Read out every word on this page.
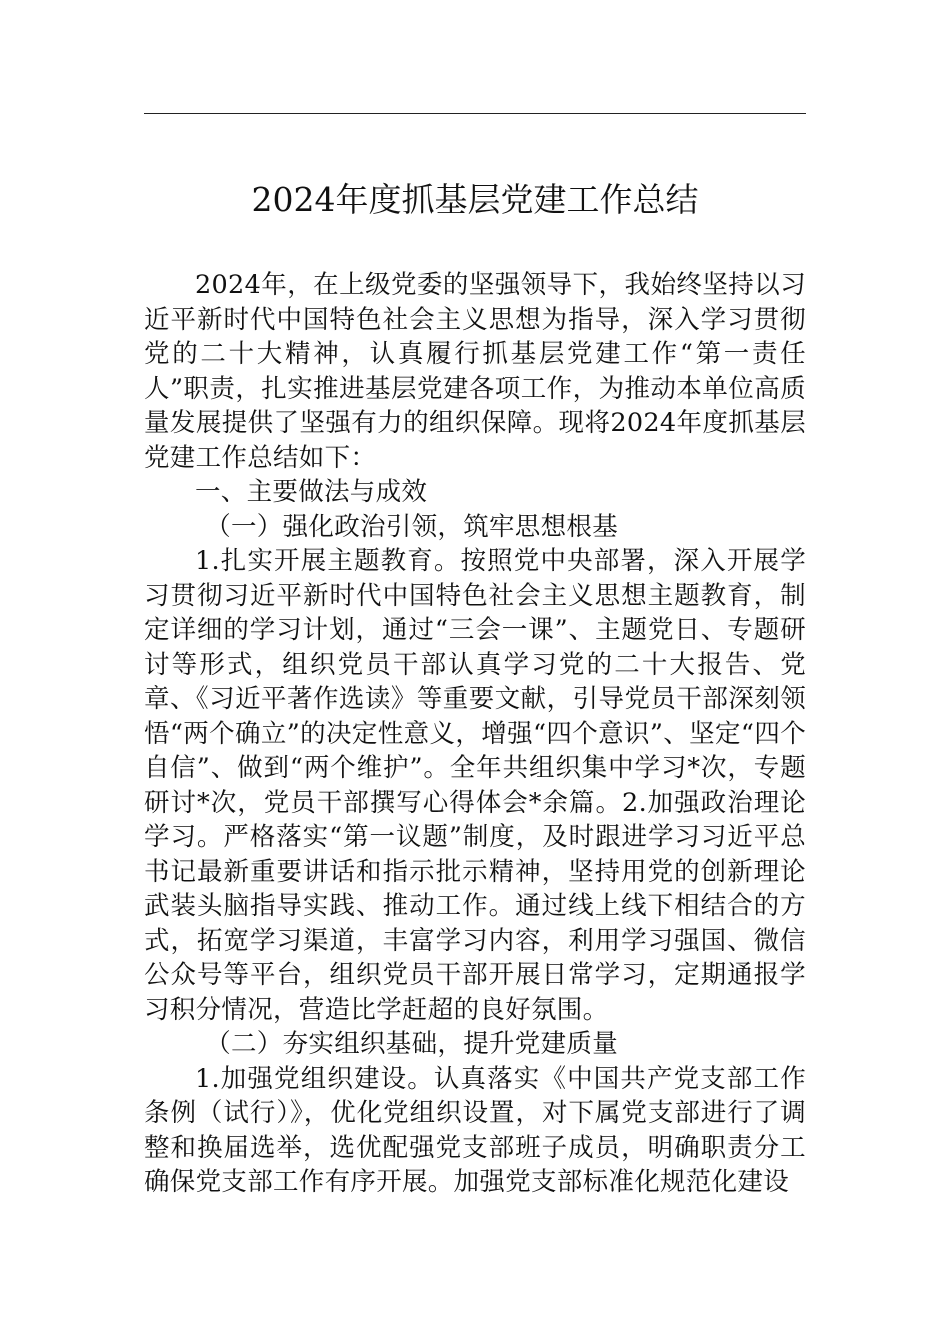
2024年度抓基层党建工作总结

2024年，在上级党委的坚强领导下，我始终坚持以习近平新时代中国特色社会主义思想为指导，深入学习贯彻党的二十大精神，认真履行抓基层党建工作“第一责任人”职责，扎实推进基层党建各项工作，为推动本单位高质量发展提供了坚强有力的组织保障。现将2024年度抓基层党建工作总结如下：

一、主要做法与成效

（一）强化政治引领，筑牢思想根基

1.扎实开展主题教育。按照党中央部署，深入开展学习贯彻习近平新时代中国特色社会主义思想主题教育，制定详细的学习计划，通过“三会一课”、主题党日、专题研讨等形式，组织党员干部认真学习党的二十大报告、党章、《习近平著作选读》等重要文献，引导党员干部深刻领悟“两个确立”的决定性意义，增强“四个意识”、坚定“四个自信”、做到“两个维护”。全年共组织集中学习*次，专题研讨*次，党员干部撰写心得体会*余篇。2.加强政治理论学习。严格落实“第一议题”制度，及时跟进学习习近平总书记最新重要讲话和指示批示精神，坚持用党的创新理论武装头脑指导实践、推动工作。通过线上线下相结合的方式，拓宽学习渠道，丰富学习内容，利用学习强国、微信公众号等平台，组织党员干部开展日常学习，定期通报学习积分情况，营造比学赶超的良好氛围。

（二）夯实组织基础，提升党建质量

1.加强党组织建设。认真落实《中国共产党支部工作条例（试行）》，优化党组织设置，对下属党支部进行了调整和换届选举，选优配强党支部班子成员，明确职责分工确保党支部工作有序开展。加强党支部标准化规范化建设
